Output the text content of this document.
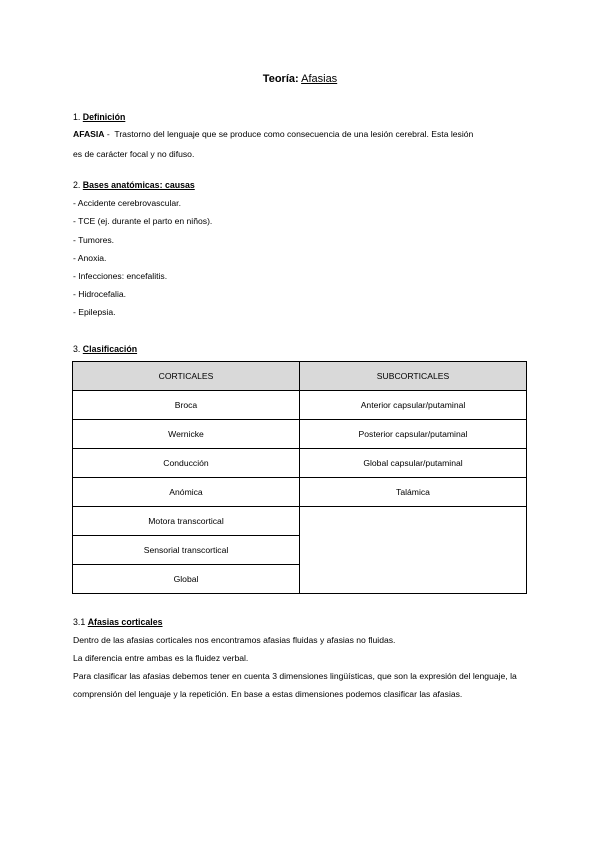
Teoría: Afasias
1. Definición
AFASIA -  Trastorno del lenguaje que se produce como consecuencia de una lesión cerebral. Esta lesión
es de carácter focal y no difuso.
2. Bases anatómicas: causas
- Accidente cerebrovascular.
- TCE (ej. durante el parto en niños).
- Tumores.
- Anoxia.
- Infecciones: encefalitis.
- Hidrocefalia.
- Epilepsia.
3. Clasificación
CORTICALES	SUBCORTICALES
Broca	Anterior capsular/putaminal
Wernicke	Posterior capsular/putaminal
Conducción	Global capsular/putaminal
Anómica	Talámica
Motora transcortical	
Sensorial transcortical	
Global	
3.1 Afasias corticales
Dentro de las afasias corticales nos encontramos afasias fluidas y afasias no fluidas.
La diferencia entre ambas es la fluidez verbal.
Para clasificar las afasias debemos tener en cuenta 3 dimensiones lingüísticas, que son la expresión del lenguaje, la comprensión del lenguaje y la repetición. En base a estas dimensiones podemos clasificar las afasias.
